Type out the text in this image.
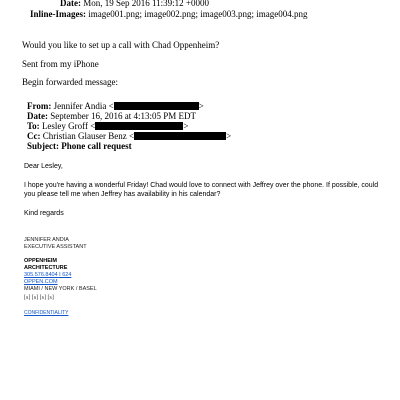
Date: Mon, 19 Sep 2016 11:39:12 +0000
Inline-Images: image001.png; image002.png; image003.png; image004.png
Would you like to set up a call with Chad Oppenheim?
Sent from my iPhone
Begin forwarded message:
From: Jennifer Andia <	>
Date: September 16, 2016 at 4:13:05 PM EDT
To: Lesley Groff <	>
Cc: Christian Glauser Benz <	>
Subject: Phone call request
Dear Lesley,
I hope you're having a wonderful Friday! Chad would love to connect with Jeffrey over the phone. If possible, could you please tell me when Jeffrey has availability in his calendar?
Kind regards
JENNIFER ANDIA
EXECUTIVE ASSISTANT
OPPENHEIM
ARCHITECTURE
305.576.8404 I 624
OPPEN.COM
MIAMI / NEW YORK / BASEL
[s] [s] [s] [s]
CONFIDENTIALITY
